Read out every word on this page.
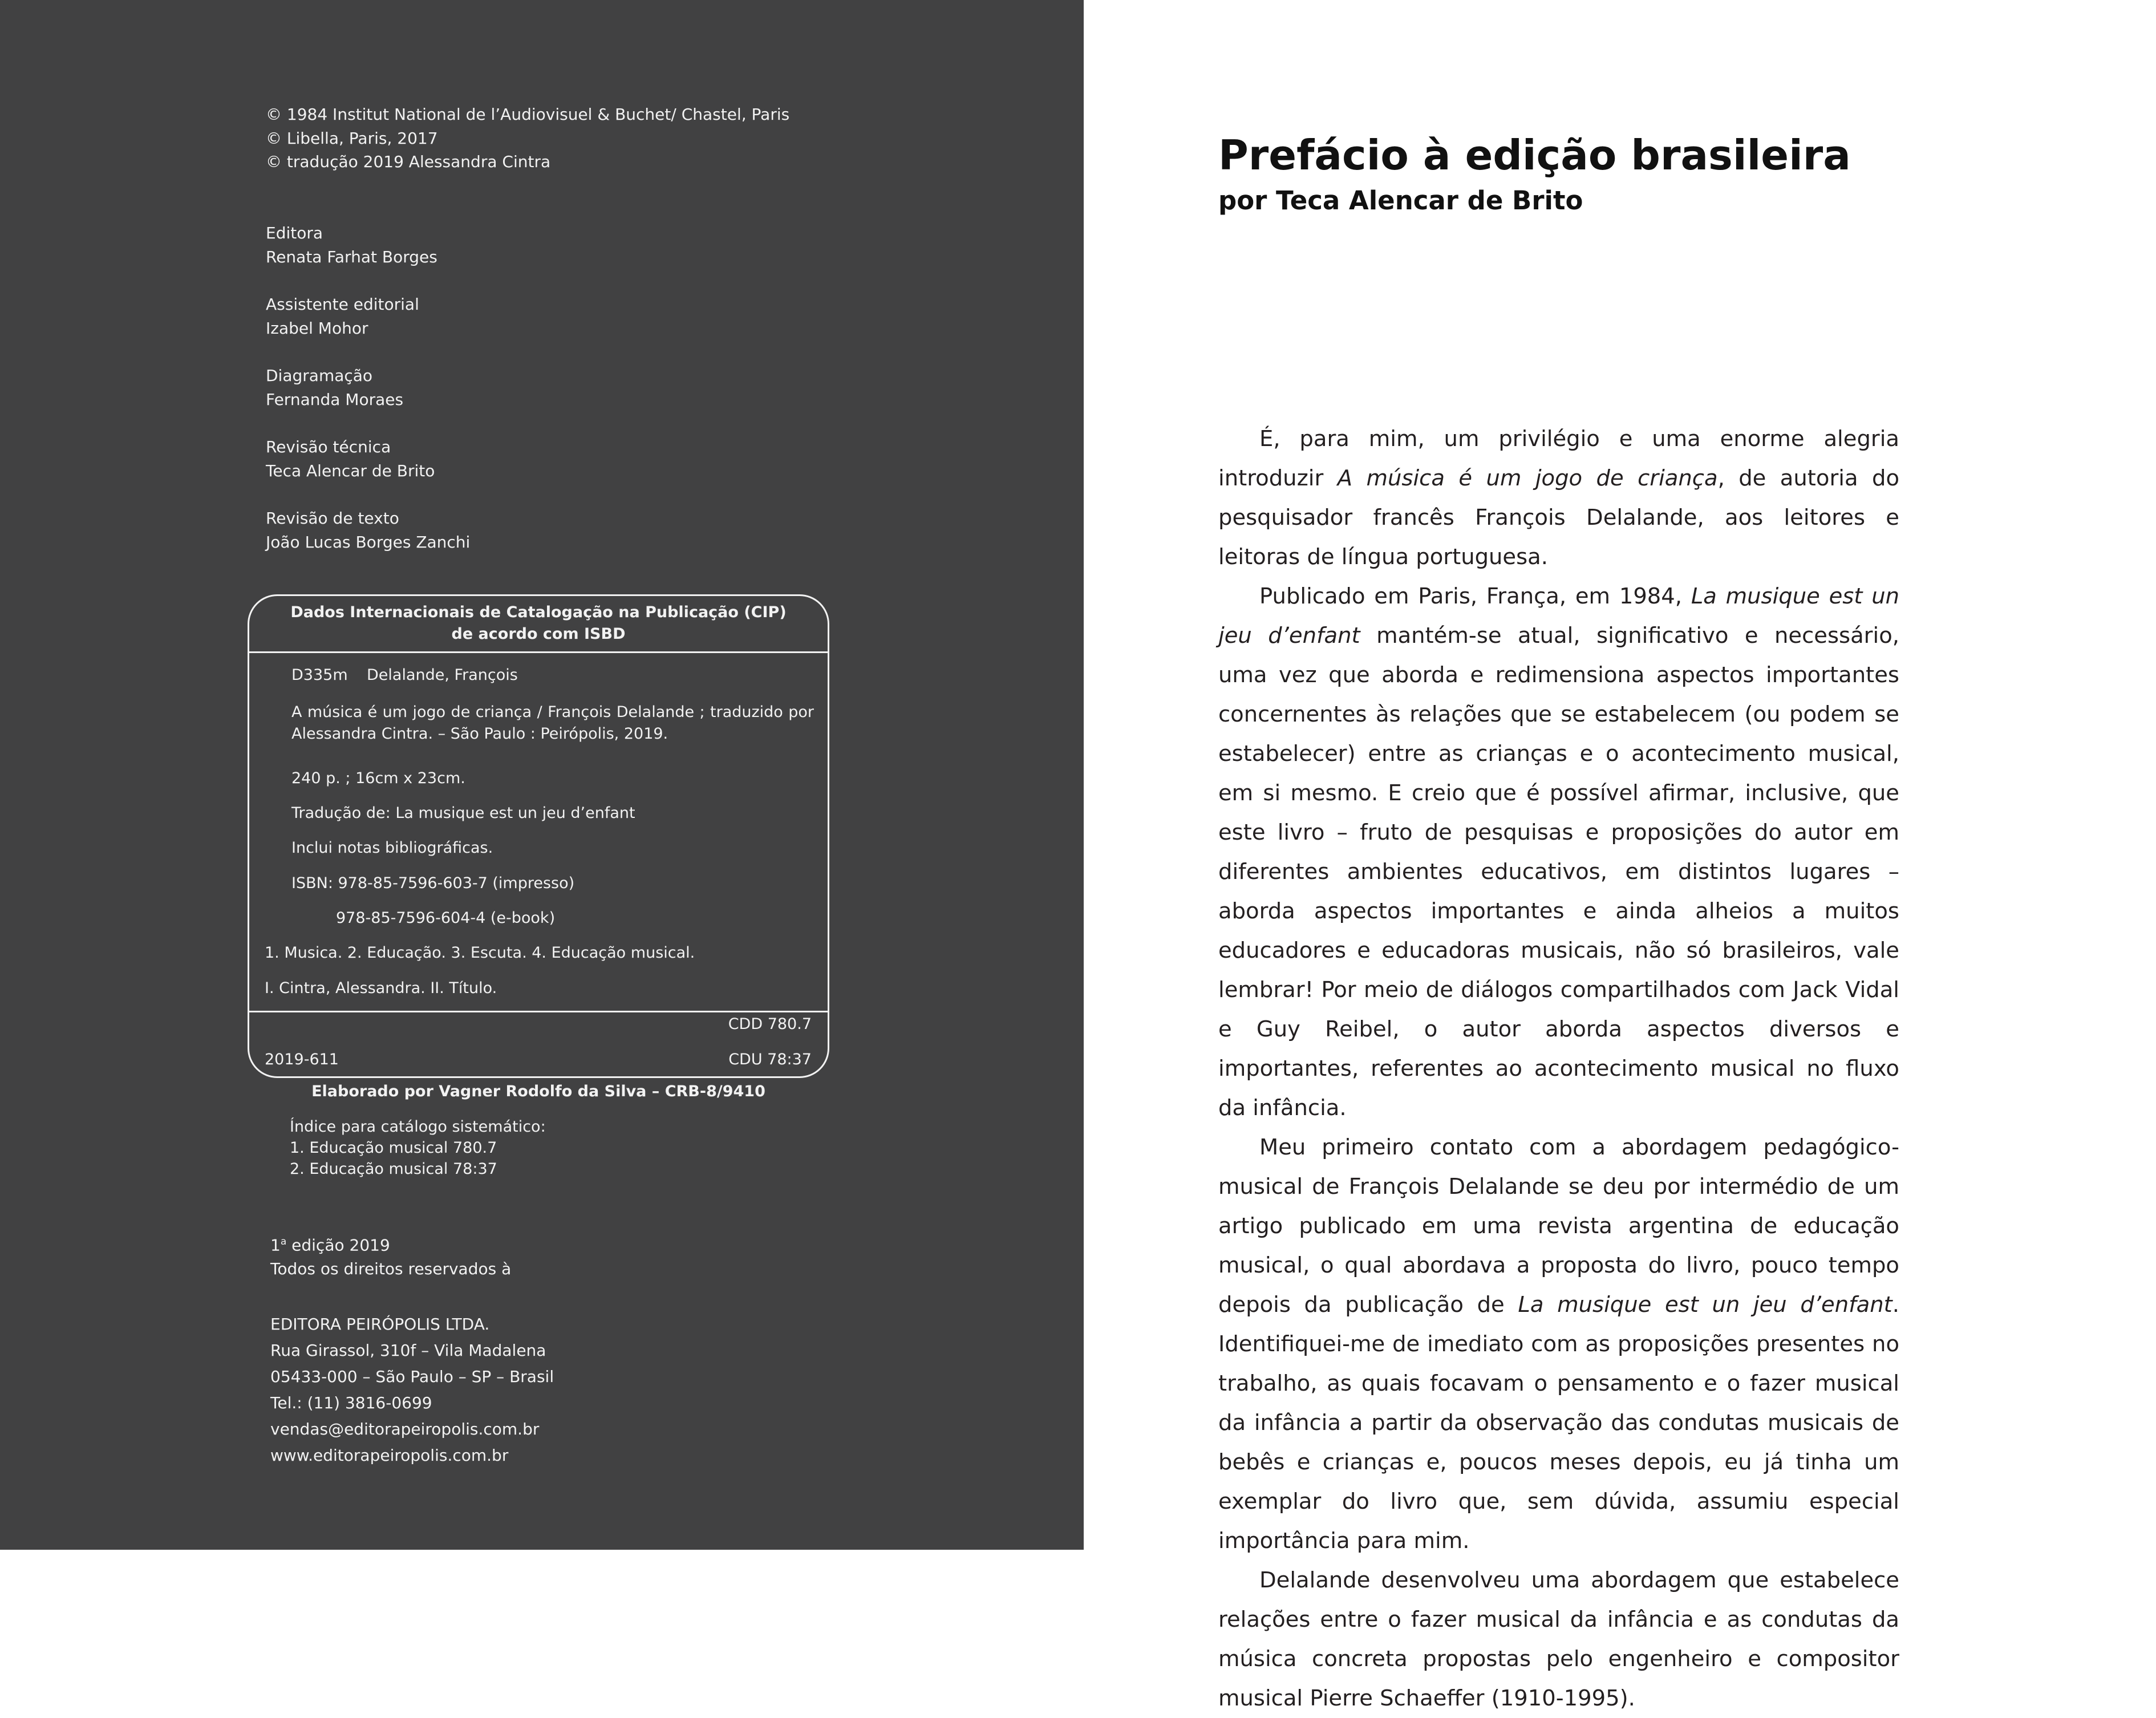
© 1984 Institut National de l’Audiovisuel & Buchet/ Chastel, Paris
© Libella, Paris, 2017
© tradução 2019 Alessandra Cintra
Editora
Renata Farhat Borges
Assistente editorial
Izabel Mohor
Diagramação
Fernanda Moraes
Revisão técnica
Teca Alencar de Brito
Revisão de texto
João Lucas Borges Zanchi
Dados Internacionais de Catalogação na Publicação (CIP)
de acordo com ISBD
D335m Delalande, François
A música é um jogo de criança / François Delalande ; traduzido por
Alessandra Cintra. – São Paulo : Peirópolis, 2019.
240 p. ; 16cm x 23cm.
Tradução de: La musique est un jeu d’enfant
Inclui notas bibliográficas.
ISBN: 978-85-7596-603-7 (impresso)
978-85-7596-604-4 (e-book)
1. Musica. 2. Educação. 3. Escuta. 4. Educação musical.
I. Cintra, Alessandra. II. Título.
CDD 780.7
2019-611	CDU 78:37
Elaborado por Vagner Rodolfo da Silva – CRB-8/9410
Índice para catálogo sistemático:
1. Educação musical 780.7
2. Educação musical 78:37
1$^a$ edição 2019
Todos os direitos reservados à
EDITORA PEIRÓPOLIS LTDA.
Rua Girassol, 310f – Vila Madalena
05433-000 – São Paulo – SP – Brasil
Tel.: (11) 3816-0699
vendas@editorapeiropolis.com.br
www.editorapeiropolis.com.br
Prefácio à edição brasileira
por Teca Alencar de Brito

É, para mim, um privilégio e uma enorme alegria introduzir A música é um jogo de criança, de autoria do pesquisador francês François Delalande, aos leitores e leitoras de língua portuguesa.

Publicado em Paris, França, em 1984, La musique est un jeu d’enfant mantém-se atual, significativo e necessário, uma vez que aborda e redimensiona aspectos importantes concernentes às relações que se estabelecem (ou podem se estabelecer) entre as crianças e o acontecimento musical, em si mesmo. E creio que é possível afirmar, inclusive, que este livro – fruto de pesquisas e proposições do autor em diferentes ambientes educativos, em distintos lugares – aborda aspectos importantes e ainda alheios a muitos educadores e educadoras musicais, não só brasileiros, vale lembrar! Por meio de diálogos compartilhados com Jack Vidal e Guy Reibel, o autor aborda aspectos diversos e importantes, referentes ao acontecimento musical no fluxo da infância.

Meu primeiro contato com a abordagem pedagógico-musical de François Delalande se deu por intermédio de um artigo publicado em uma revista argentina de educação musical, o qual abordava a proposta do livro, pouco tempo depois da publicação de La musique est un jeu d’enfant. Identifiquei-me de imediato com as proposições presentes no trabalho, as quais focavam o pensamento e o fazer musical da infância a partir da observação das condutas musicais de bebês e crianças e, poucos meses depois, eu já tinha um exemplar do livro que, sem dúvida, assumiu especial importância para mim.

Delalande desenvolveu uma abordagem que estabelece relações entre o fazer musical da infância e as condutas da música concreta propostas pelo engenheiro e compositor musical Pierre Schaeffer (1910-1995).
